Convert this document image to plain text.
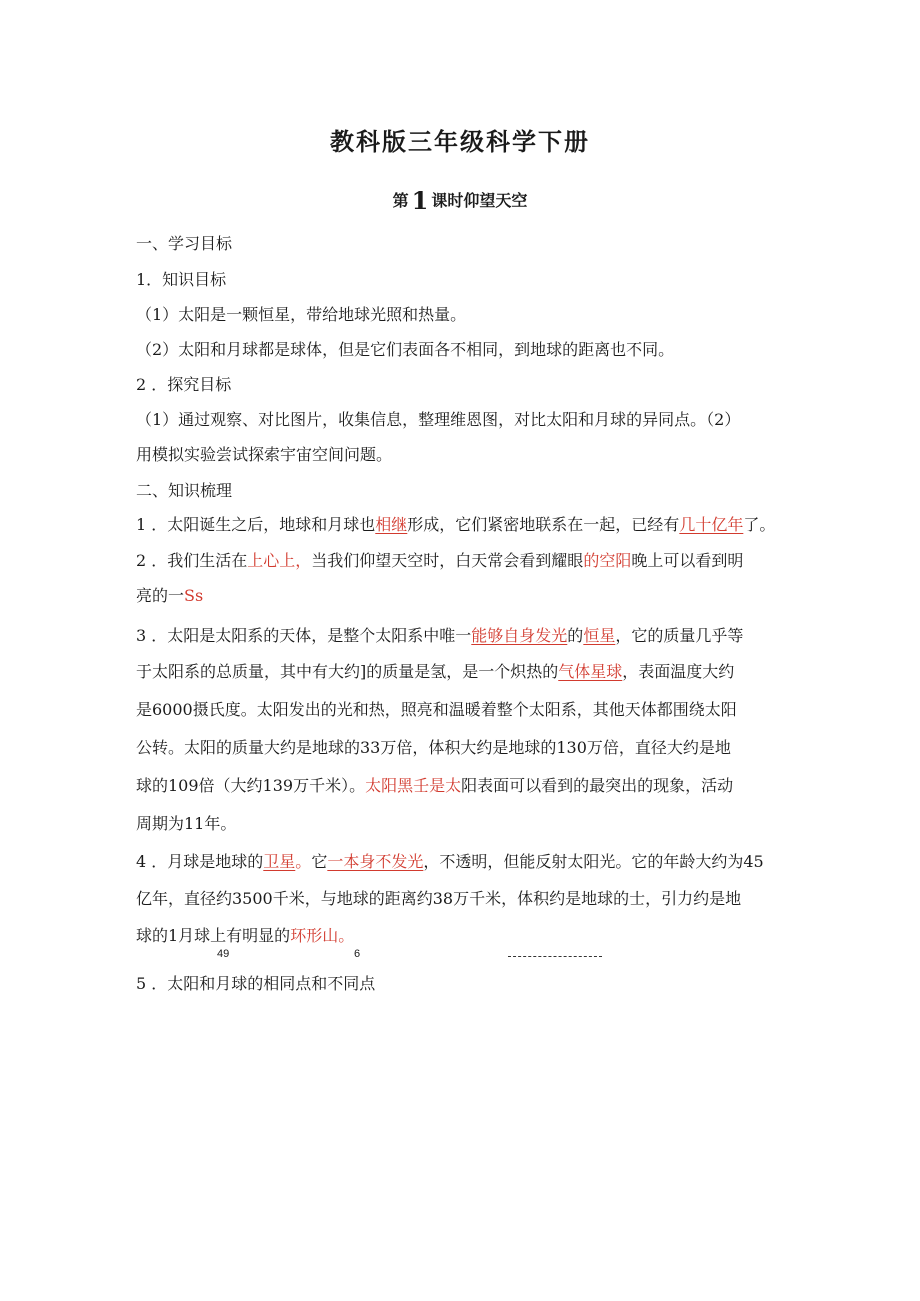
教科版三年级科学下册
第 1 课时仰望天空
一、学习目标
1．知识目标
（1）太阳是一颗恒星，带给地球光照和热量。
（2）太阳和月球都是球体，但是它们表面各不相同，到地球的距离也不同。
2 ．探究目标
（1）通过观察、对比图片，收集信息，整理维恩图，对比太阳和月球的异同点。（2）
用模拟实验尝试探索宇宙空间问题。
二、知识梳理
1 ．太阳诞生之后，地球和月球也相继形成，它们紧密地联系在一起，已经有几十亿年了。
2 ．我们生活在上心上，当我们仰望天空时，白天常会看到耀眼的空阳晚上可以看到明
亮的一Ss
3 ．太阳是太阳系的天体，是整个太阳系中唯一能够自身发光的恒星，它的质量几乎等
于太阳系的总质量，其中有大约]的质量是氢，是一个炽热的气体星球，表面温度大约
是6000摄氏度。太阳发出的光和热，照亮和温暖着整个太阳系，其他天体都围绕太阳
公转。太阳的质量大约是地球的33万倍，体积大约是地球的130万倍，直径大约是地
球的109倍（大约139万千米）。太阳黑壬是太阳表面可以看到的最突出的现象，活动
周期为11年。
4 ．月球是地球的卫星。它一本身不发光，不透明，但能反射太阳光。它的年龄大约为45
亿年，直径约3500千米，与地球的距离约38万千米，体积约是地球的士，引力约是地
球的1月球上有明显的环形山。
49	6
5 ．太阳和月球的相同点和不同点
